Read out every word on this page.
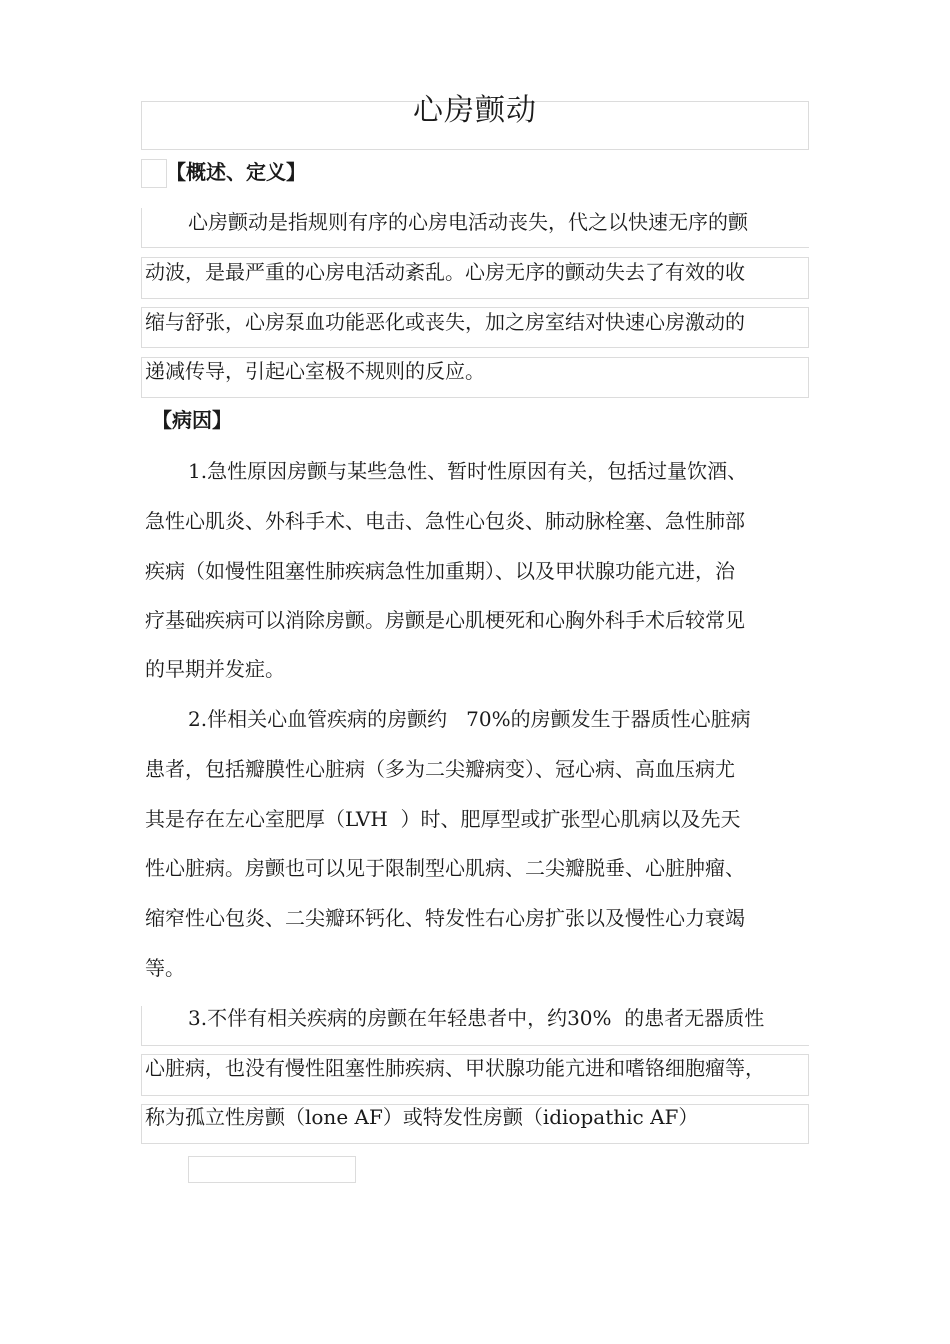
心房颤动
【概述、定义】
心房颤动是指规则有序的心房电活动丧失，代之以快速无序的颤
动波，是最严重的心房电活动紊乱。心房无序的颤动失去了有效的收
缩与舒张，心房泵血功能恶化或丧失，加之房室结对快速心房激动的
递减传导，引起心室极不规则的反应。
【病因】
1.急性原因房颤与某些急性、暂时性原因有关，包括过量饮酒、
急性心肌炎、外科手术、电击、急性心包炎、肺动脉栓塞、急性肺部
疾病（如慢性阻塞性肺疾病急性加重期）、以及甲状腺功能亢进，治
疗基础疾病可以消除房颤。房颤是心肌梗死和心胸外科手术后较常见
的早期并发症。
2.伴相关心血管疾病的房颤约   70%的房颤发生于器质性心脏病
患者，包括瓣膜性心脏病（多为二尖瓣病变）、冠心病、高血压病尤
其是存在左心室肥厚（LVH  ）时、肥厚型或扩张型心肌病以及先天
性心脏病。房颤也可以见于限制型心肌病、二尖瓣脱垂、心脏肿瘤、
缩窄性心包炎、二尖瓣环钙化、特发性右心房扩张以及慢性心力衰竭
等。
3.不伴有相关疾病的房颤在年轻患者中，约30%  的患者无器质性
心脏病，也没有慢性阻塞性肺疾病、甲状腺功能亢进和嗜铬细胞瘤等，
称为孤立性房颤（lone AF）或特发性房颤（idiopathic AF）
